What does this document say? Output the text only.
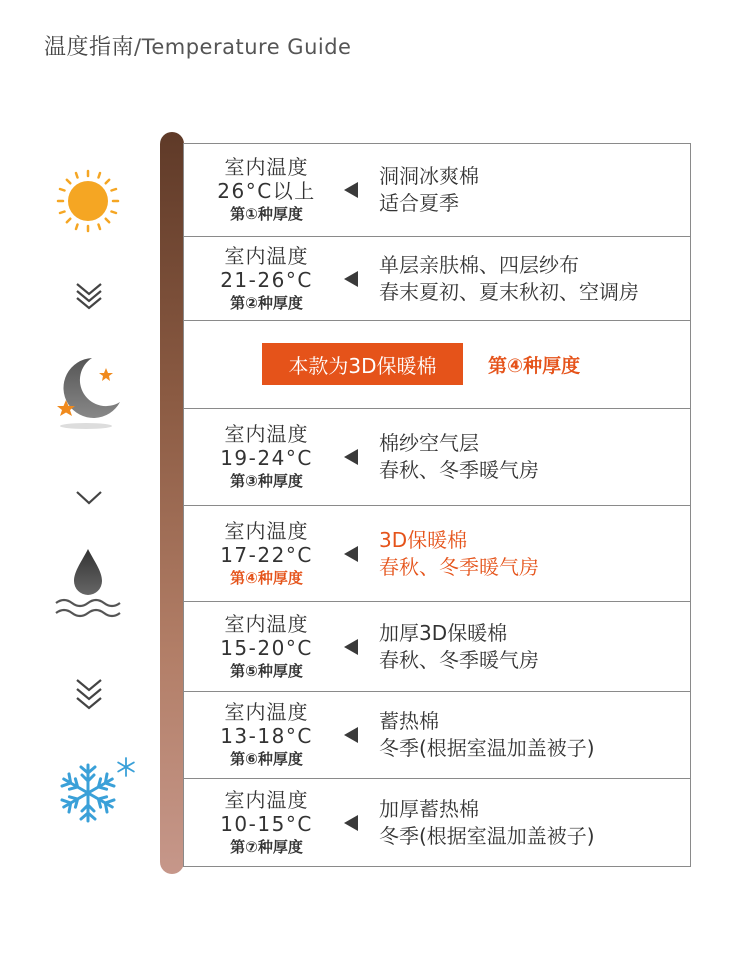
温度指南/Temperature Guide
室内温度
26°C以上
第①种厚度
洞洞冰爽棉
适合夏季
室内温度
21-26°C
第②种厚度
单层亲肤棉、四层纱布
春末夏初、夏末秋初、空调房
本款为3D保暖棉	第④种厚度
室内温度
19-24°C
第③种厚度
棉纱空气层
春秋、冬季暖气房
室内温度
17-22°C
第④种厚度
3D保暖棉
春秋、冬季暖气房
室内温度
15-20°C
第⑤种厚度
加厚3D保暖棉
春秋、冬季暖气房
室内温度
13-18°C
第⑥种厚度
蓄热棉
冬季(根据室温加盖被子)
室内温度
10-15°C
第⑦种厚度
加厚蓄热棉
冬季(根据室温加盖被子)
